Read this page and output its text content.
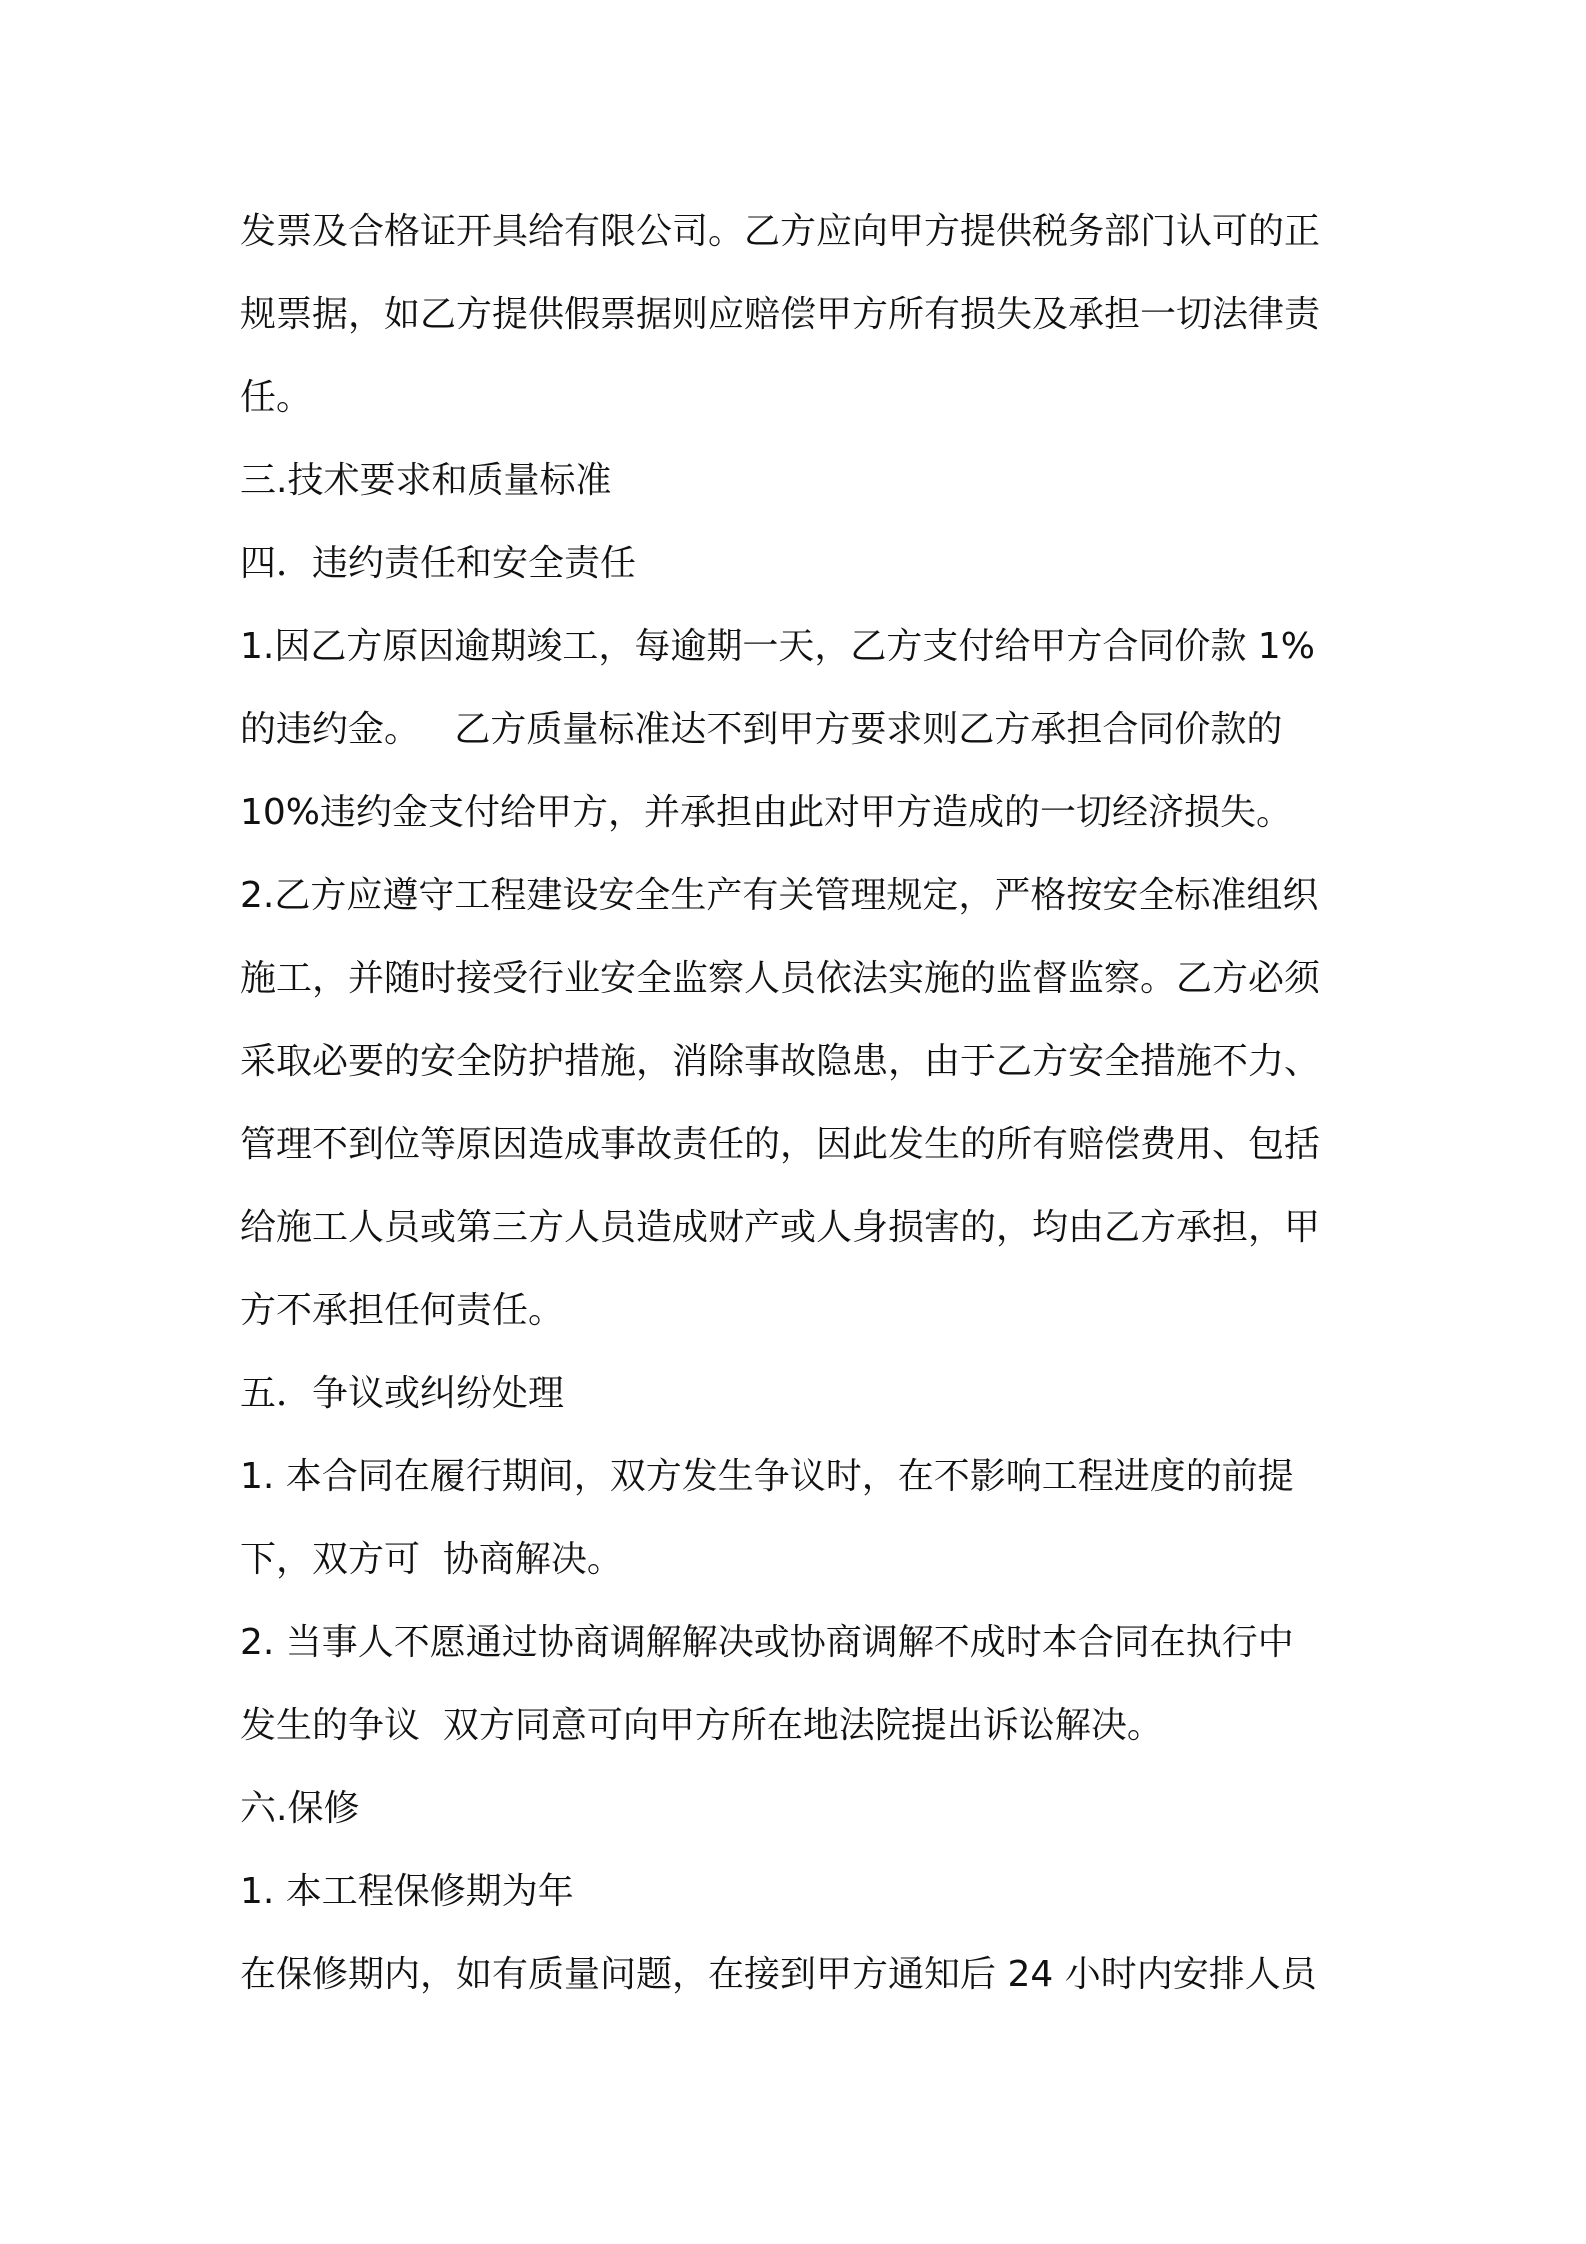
发票及合格证开具给有限公司。乙方应向甲方提供税务部门认可的正
规票据，如乙方提供假票据则应赔偿甲方所有损失及承担一切法律责
任。
三.技术要求和质量标准
四．违约责任和安全责任
1.因乙方原因逾期竣工，每逾期一天，乙方支付给甲方合同价款 1%
的违约金。   乙方质量标准达不到甲方要求则乙方承担合同价款的
10%违约金支付给甲方，并承担由此对甲方造成的一切经济损失。
2.乙方应遵守工程建设安全生产有关管理规定，严格按安全标准组织
施工，并随时接受行业安全监察人员依法实施的监督监察。乙方必须
采取必要的安全防护措施，消除事故隐患，由于乙方安全措施不力、
管理不到位等原因造成事故责任的，因此发生的所有赔偿费用、包括
给施工人员或第三方人员造成财产或人身损害的，均由乙方承担，甲
方不承担任何责任。
五．争议或纠纷处理
1. 本合同在履行期间，双方发生争议时，在不影响工程进度的前提
下，双方可  协商解决。
2. 当事人不愿通过协商调解解决或协商调解不成时本合同在执行中
发生的争议  双方同意可向甲方所在地法院提出诉讼解决。
六.保修
1. 本工程保修期为年
在保修期内，如有质量问题，在接到甲方通知后 24 小时内安排人员
